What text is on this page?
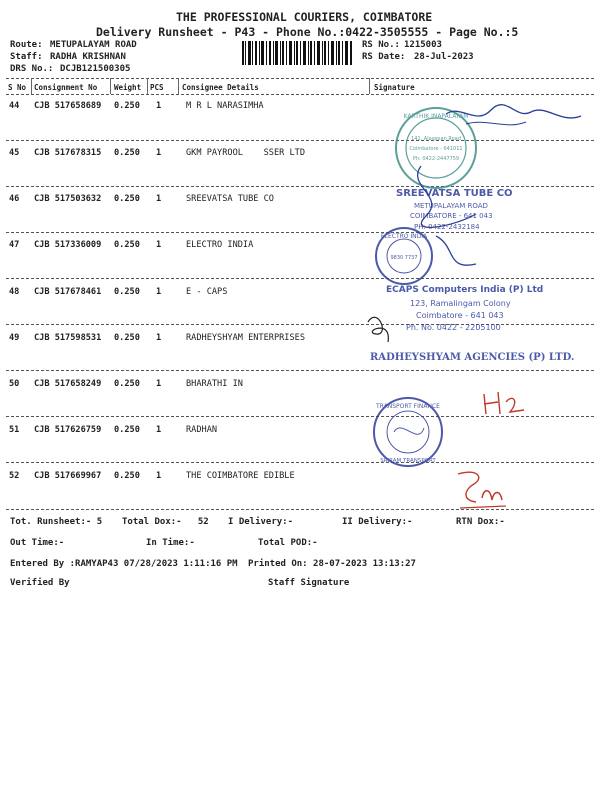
THE PROFESSIONAL COURIERS, COIMBATORE
Delivery Runsheet - P43 - Phone No.:0422-3505555 - Page No.:5
Route: METUPALAYAM ROAD
Staff: RADHA KRISHNAN
DRS No.: DCJB121500305
RS No.: 1215003
RS Date: 28-Jul-2023
S No Consignment No Weight PCS Consignee Details	Signature
44 CJB 517658689 0.250 1	M R L NARASIMHA
45 CJB 517678315 0.250 1	GKM PAYROOL    SSER LTD
46 CJB 517503632 0.250 1	SREEVATSA TUBE CO
47 CJB 517336009 0.250 1	ELECTRO INDIA
48 CJB 517678461 0.250 1	E - CAPS
49 CJB 517598531 0.250 1	RADHEYSHYAM ENTERPRISES
50 CJB 517658249 0.250 1	BHARATHI IN
51 CJB 517626759 0.250 1	RADHAN
52 CJB 517669967 0.250 1	THE COIMBATORE EDIBLE
KARTHIK INAPALAYAM
141, Alagesan Road
Coimbatore - 641011
Ph: 0422-2447759
SREEVATSA TUBE CO
METUPALAYAM ROAD
COIMBATORE - 641 043
PH: 0422-2432184
ELECTRO INDIA
9830 7737
ECAPS Computers India (P) Ltd
123, Ramalingam Colony
Coimbatore - 641 043
Ph. No. 0422 - 2205100
RADHEYSHYAM AGENCIES (P) LTD.
TRANSPORT FINANCE
SRIRAM TRANSPORT
Tot. Runsheet:- 5 Total Dox:-   52 I Delivery:-	II Delivery:-	RTN Dox:-
Out Time:-	In Time:-	Total POD:-
Entered By :RAMYAP43 07/28/2023 1:11:16 PM Printed On: 28-07-2023 13:13:27
Verified By	Staff Signature
